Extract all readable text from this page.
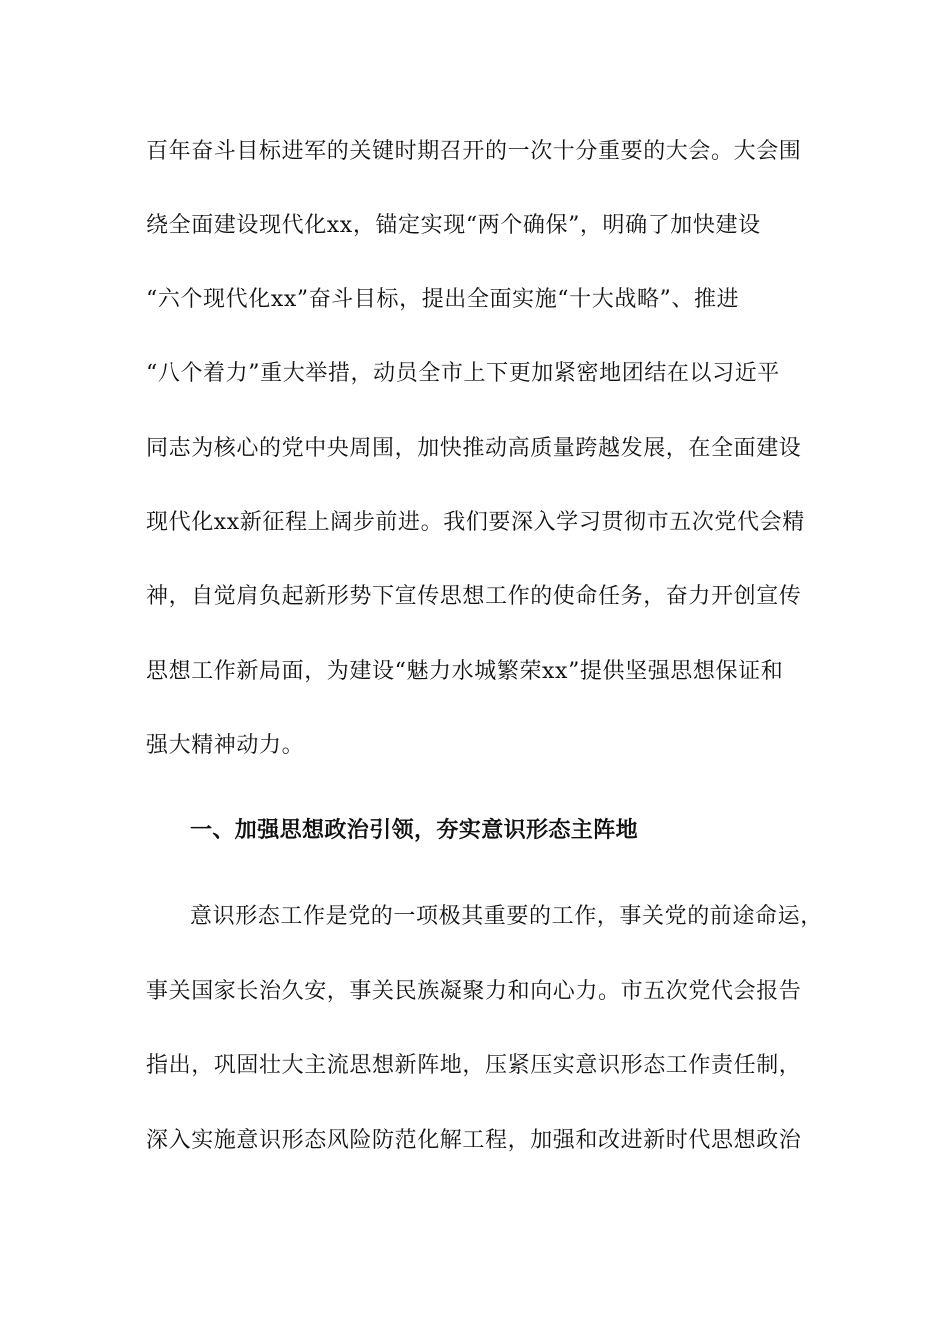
百年奋斗目标进军的关键时期召开的一次十分重要的大会。大会围
绕全面建设现代化xx，锚定实现“两个确保”，明确了加快建设
“六个现代化xx”奋斗目标，提出全面实施“十大战略”、推进
“八个着力”重大举措，动员全市上下更加紧密地团结在以习近平
同志为核心的党中央周围，加快推动高质量跨越发展，在全面建设
现代化xx新征程上阔步前进。我们要深入学习贯彻市五次党代会精
神，自觉肩负起新形势下宣传思想工作的使命任务，奋力开创宣传
思想工作新局面，为建设“魅力水城繁荣xx”提供坚强思想保证和
强大精神动力。
一、加强思想政治引领，夯实意识形态主阵地
意识形态工作是党的一项极其重要的工作，事关党的前途命运，
事关国家长治久安，事关民族凝聚力和向心力。市五次党代会报告
指出，巩固壮大主流思想新阵地，压紧压实意识形态工作责任制，
深入实施意识形态风险防范化解工程，加强和改进新时代思想政治
